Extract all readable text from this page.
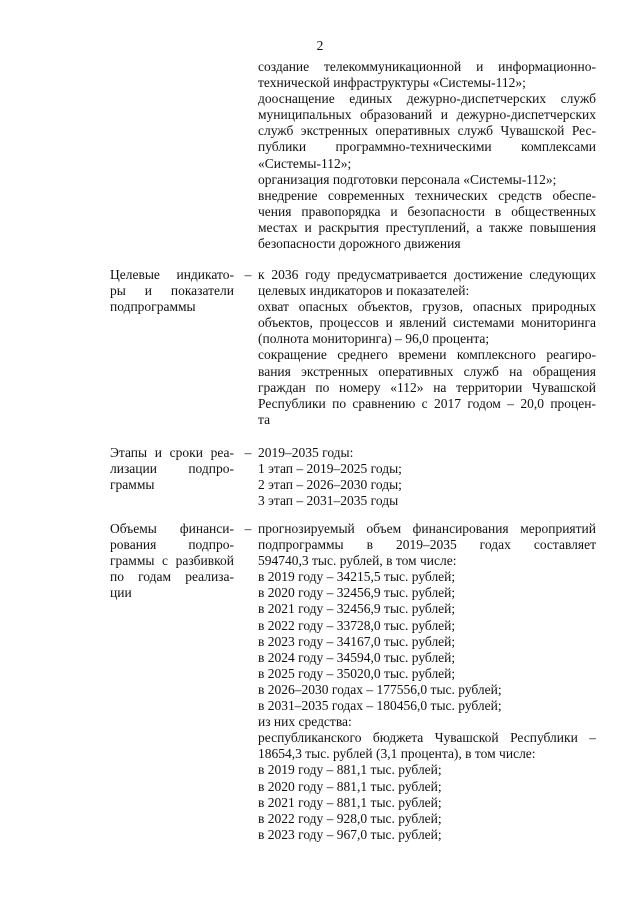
2
создание телекоммуникационной и информационно-
технической инфраструктуры «Системы-112»;
дооснащение единых дежурно-диспетчерских служб
муниципальных образований и дежурно-диспетчерских
служб экстренных оперативных служб Чувашской Рес-
публики программно-техническими комплексами
«Системы-112»;
организация подготовки персонала «Системы-112»;
внедрение современных технических средств обеспе-
чения правопорядка и безопасности в общественных
местах и раскрытия преступлений, а также повышения
безопасности дорожного движения
Целевые индикато-
ры и показатели
подпрограммы
– к 2036 году предусматривается достижение следующих
целевых индикаторов и показателей:
охват опасных объектов, грузов, опасных природных
объектов, процессов и явлений системами мониторинга
(полнота мониторинга) – 96,0 процента;
сокращение среднего времени комплексного реагиро-
вания экстренных оперативных служб на обращения
граждан по номеру «112» на территории Чувашской
Республики по сравнению с 2017 годом – 20,0 процен-
та
Этапы и сроки реа-
лизации подпро-
граммы
– 2019–2035 годы:
1 этап – 2019–2025 годы;
2 этап – 2026–2030 годы;
3 этап – 2031–2035 годы
Объемы финанси-
рования подпро-
граммы с разбивкой
по годам реализа-
ции
– прогнозируемый объем финансирования мероприятий
подпрограммы в 2019–2035 годах составляет
594740,3 тыс. рублей, в том числе:
в 2019 году – 34215,5 тыс. рублей;
в 2020 году – 32456,9 тыс. рублей;
в 2021 году – 32456,9 тыс. рублей;
в 2022 году – 33728,0 тыс. рублей;
в 2023 году – 34167,0 тыс. рублей;
в 2024 году – 34594,0 тыс. рублей;
в 2025 году – 35020,0 тыс. рублей;
в 2026–2030 годах – 177556,0 тыс. рублей;
в 2031–2035 годах – 180456,0 тыс. рублей;
из них средства:
республиканского бюджета Чувашской Республики –
18654,3 тыс. рублей (3,1 процента), в том числе:
в 2019 году – 881,1 тыс. рублей;
в 2020 году – 881,1 тыс. рублей;
в 2021 году – 881,1 тыс. рублей;
в 2022 году – 928,0 тыс. рублей;
в 2023 году – 967,0 тыс. рублей;
